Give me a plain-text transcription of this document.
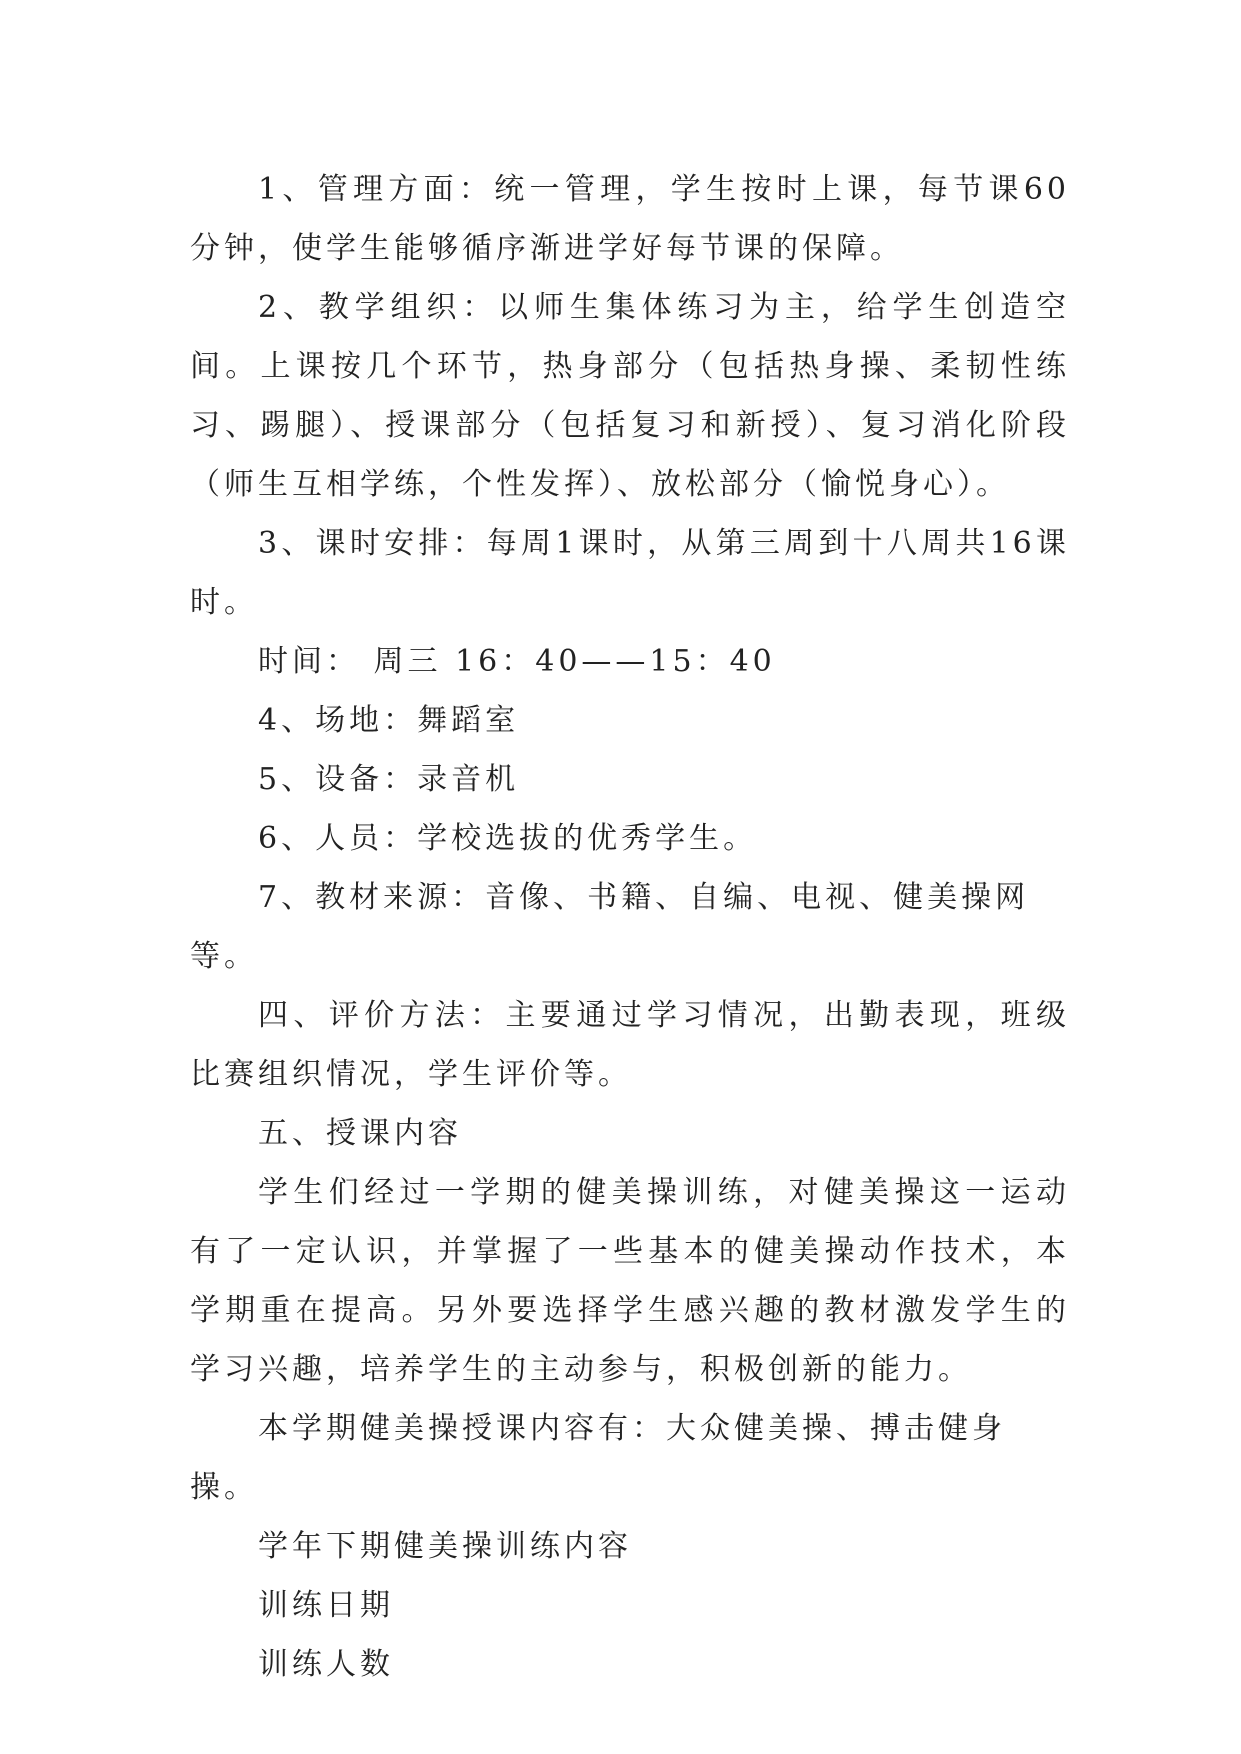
1、管理方面：统一管理，学生按时上课，每节课60分钟，使学生能够循序渐进学好每节课的保障。

2、教学组织：以师生集体练习为主，给学生创造空间。上课按几个环节，热身部分（包括热身操、柔韧性练习、踢腿）、授课部分（包括复习和新授）、复习消化阶段（师生互相学练，个性发挥）、放松部分（愉悦身心）。

3、课时安排：每周1课时，从第三周到十八周共16课时。

时间： 周三 16：40——15：40

4、场地：舞蹈室

5、设备：录音机

6、人员：学校选拔的优秀学生。

7、教材来源：音像、书籍、自编、电视、健美操网等。

四、评价方法：主要通过学习情况，出勤表现，班级比赛组织情况，学生评价等。

五、授课内容

学生们经过一学期的健美操训练，对健美操这一运动有了一定认识，并掌握了一些基本的健美操动作技术，本学期重在提高。另外要选择学生感兴趣的教材激发学生的学习兴趣，培养学生的主动参与，积极创新的能力。

本学期健美操授课内容有：大众健美操、搏击健身操。

学年下期健美操训练内容

训练日期

训练人数
